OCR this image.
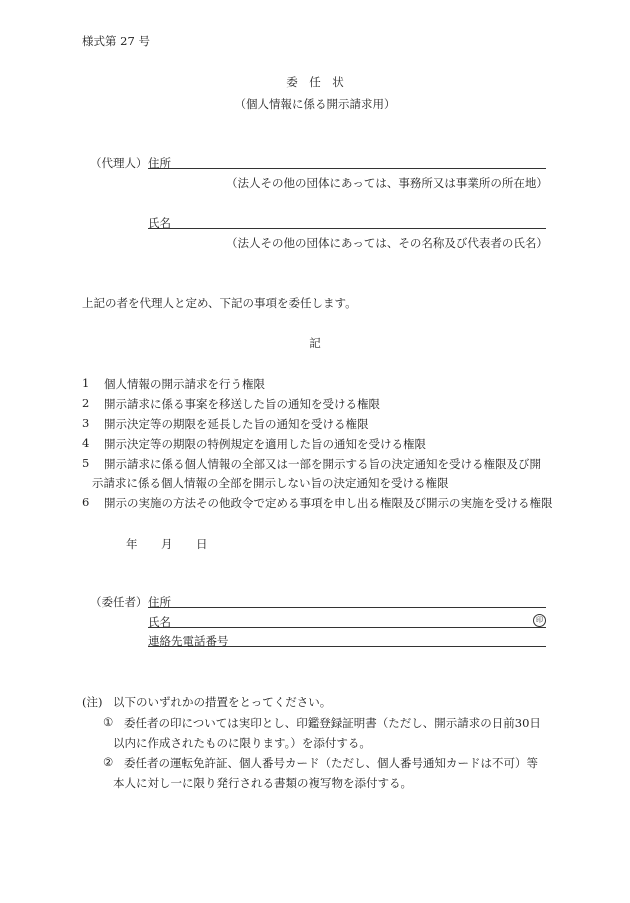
様式第 27 号
委　任　状
（個人情報に係る開示請求用）
（代理人） 住所
（法人その他の団体にあっては、事務所又は事業所の所在地）
氏名
（法人その他の団体にあっては、その名称及び代表者の氏名）
上記の者を代理人と定め、下記の事項を委任します。
記
1 個人情報の開示請求を行う権限
2 開示請求に係る事案を移送した旨の通知を受ける権限
3 開示決定等の期限を延長した旨の通知を受ける権限
4 開示決定等の期限の特例規定を適用した旨の通知を受ける権限
5 開示請求に係る個人情報の全部又は一部を開示する旨の決定通知を受ける権限及び開
示請求に係る個人情報の全部を開示しない旨の決定通知を受ける権限
6 開示の実施の方法その他政令で定める事項を申し出る権限及び開示の実施を受ける権限
年 月 日
（委任者） 住所
氏名	印
連絡先電話番号
(注) 以下のいずれかの措置をとってください。
① 委任者の印については実印とし、印鑑登録証明書（ただし、開示請求の日前30日
以内に作成されたものに限ります。）を添付する。
② 委任者の運転免許証、個人番号カード（ただし、個人番号通知カードは不可）等
本人に対し一に限り発行される書類の複写物を添付する。
